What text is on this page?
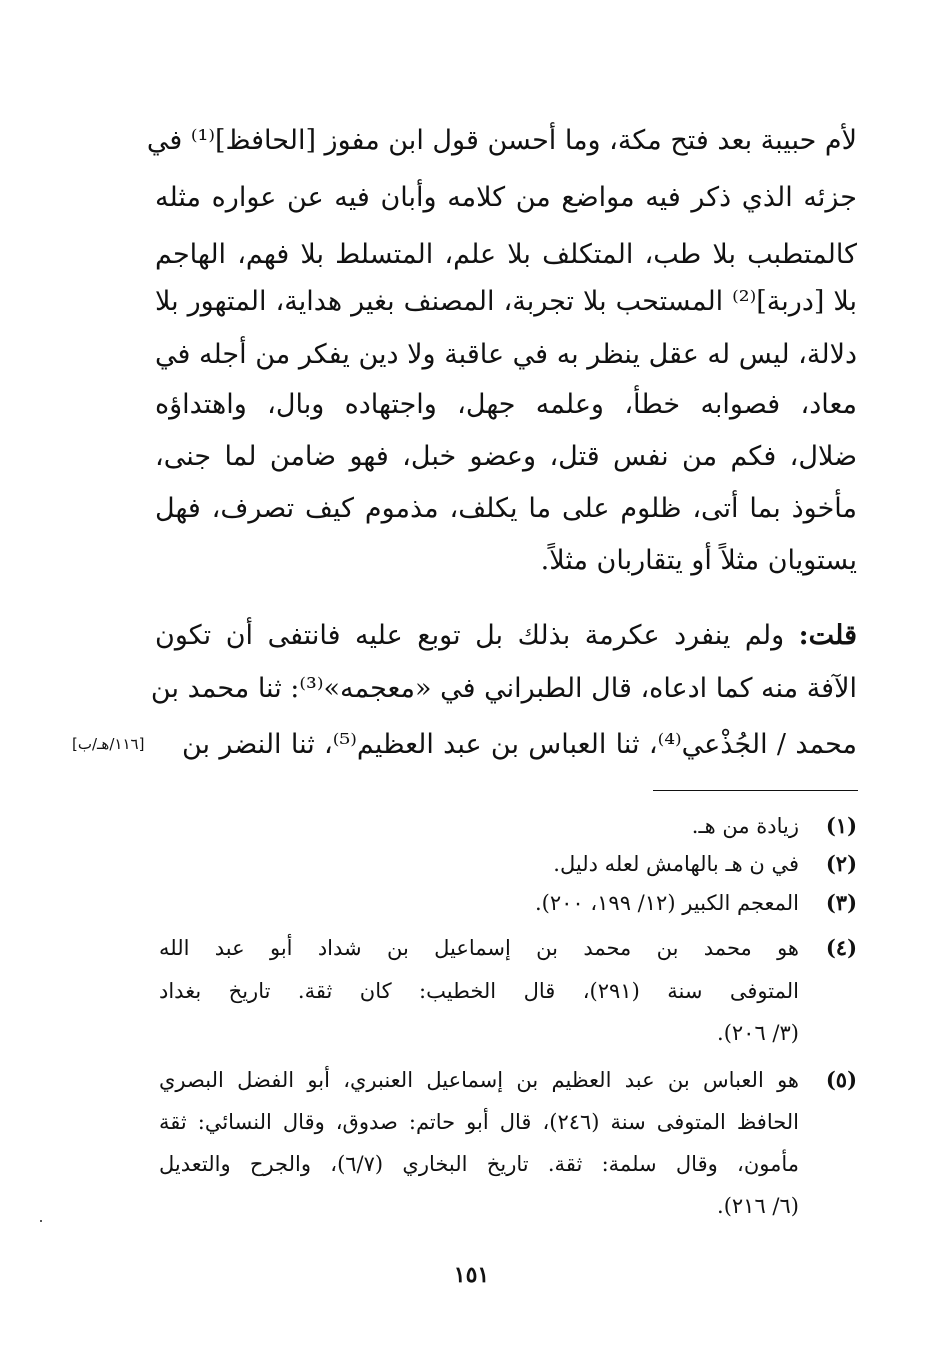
لأم حبيبة بعد فتح مكة، وما أحسن قول ابن مفوز [الحافظ]⁽¹⁾ في
جزئه الذي ذكر فيه مواضع من كلامه وأبان فيه عن عواره مثله
كالمتطبب بلا طب، المتكلف بلا علم، المتسلط بلا فهم، الهاجم
بلا [دربة]⁽²⁾ المستحب بلا تجربة، المصنف بغير هداية، المتهور بلا
دلالة، ليس له عقل ينظر به في عاقبة ولا دين يفكر من أجله في
معاد، فصوابه خطأ، وعلمه جهل، واجتهاده وبال، واهتداؤه
ضلال، فكم من نفس قتل، وعضو خبل، فهو ضامن لما جنى،
مأخوذ بما أتى، ظلوم على ما يكلف، مذموم كيف تصرف، فهل
يستويان مثلاً أو يتقاربان مثلاً.
قلت: ولم ينفرد عكرمة بذلك بل توبع عليه فانتفى أن تكون
الآفة منه كما ادعاه، قال الطبراني في «معجمه»⁽³⁾: ثنا محمد بن
محمد / الجُذْعي⁽⁴⁾، ثنا العباس بن عبد العظيم⁽⁵⁾، ثنا النضر بن
[١١٦/هـ/ب]
(١)
زيادة من هـ.
(٢)
في ن هـ بالهامش لعله دليل.
(٣)
المعجم الكبير (١٢/ ١٩٩، ٢٠٠).
(٤)
هو محمد بن محمد بن إسماعيل بن شداد أبو عبد الله
المتوفى سنة (٢٩١)، قال الخطيب: كان ثقة. تاريخ بغداد
(٣/ ٢٠٦).
(٥)
هو العباس بن عبد العظيم بن إسماعيل العنبري، أبو الفضل البصري
الحافظ المتوفى سنة (٢٤٦)، قال أبو حاتم: صدوق، وقال النسائي: ثقة
مأمون، وقال سلمة: ثقة. تاريخ البخاري (٦/٧)، والجرح والتعديل
(٦/ ٢١٦).
١٥١
